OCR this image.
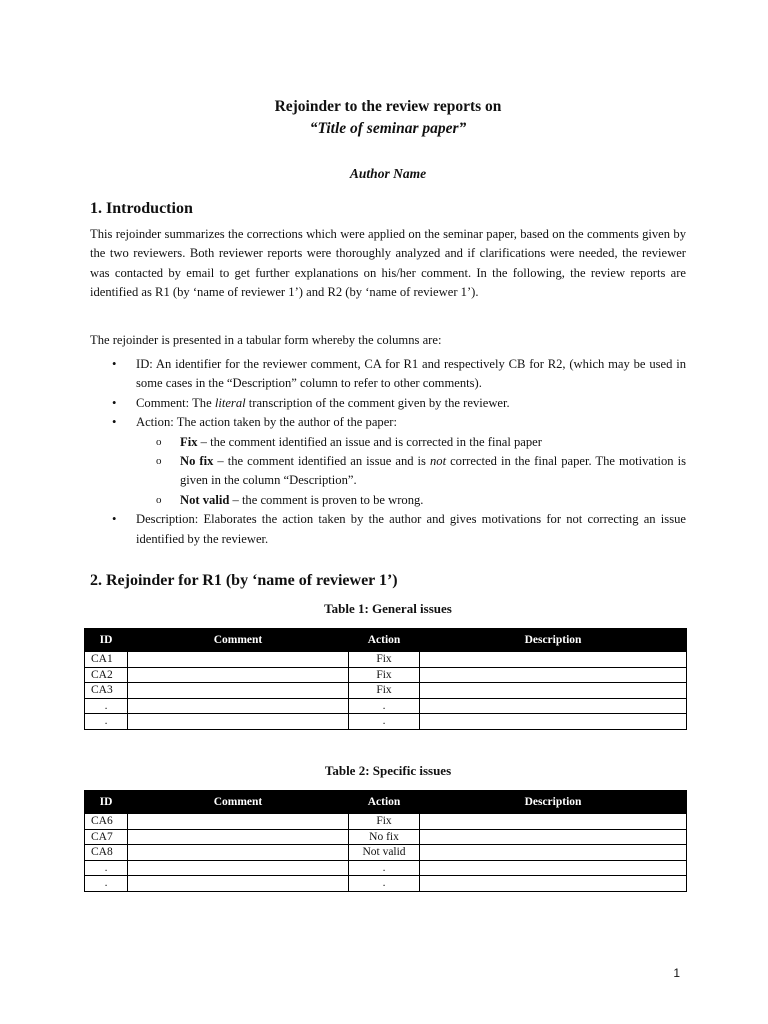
Rejoinder to the review reports on
“Title of seminar paper”
Author Name
1. Introduction
This rejoinder summarizes the corrections which were applied on the seminar paper, based on the comments given by the two reviewers. Both reviewer reports were thoroughly analyzed and if clarifications were needed, the reviewer was contacted by email to get further explanations on his/her comment. In the following, the review reports are identified as R1 (by ‘name of reviewer 1’) and R2 (by ‘name of reviewer 1’).
The rejoinder is presented in a tabular form whereby the columns are:
• ID: An identifier for the reviewer comment, CA for R1 and respectively CB for R2, (which may be used in some cases in the “Description” column to refer to other comments).
• Comment: The literal transcription of the comment given by the reviewer.
• Action: The action taken by the author of the paper:
o Fix – the comment identified an issue and is corrected in the final paper
o No fix – the comment identified an issue and is not corrected in the final paper. The motivation is given in the column “Description”.
o Not valid – the comment is proven to be wrong.
• Description: Elaborates the action taken by the author and gives motivations for not correcting an issue identified by the reviewer.
2. Rejoinder for R1 (by ‘name of reviewer 1’)
Table 1: General issues
ID	Comment	Action	Description
CA1		Fix	
CA2		Fix	
CA3		Fix	
.		.	
.		.	
Table 2: Specific issues
ID	Comment	Action	Description
CA6		Fix	
CA7		No fix	
CA8		Not valid	
.		.	
.		.	
1
